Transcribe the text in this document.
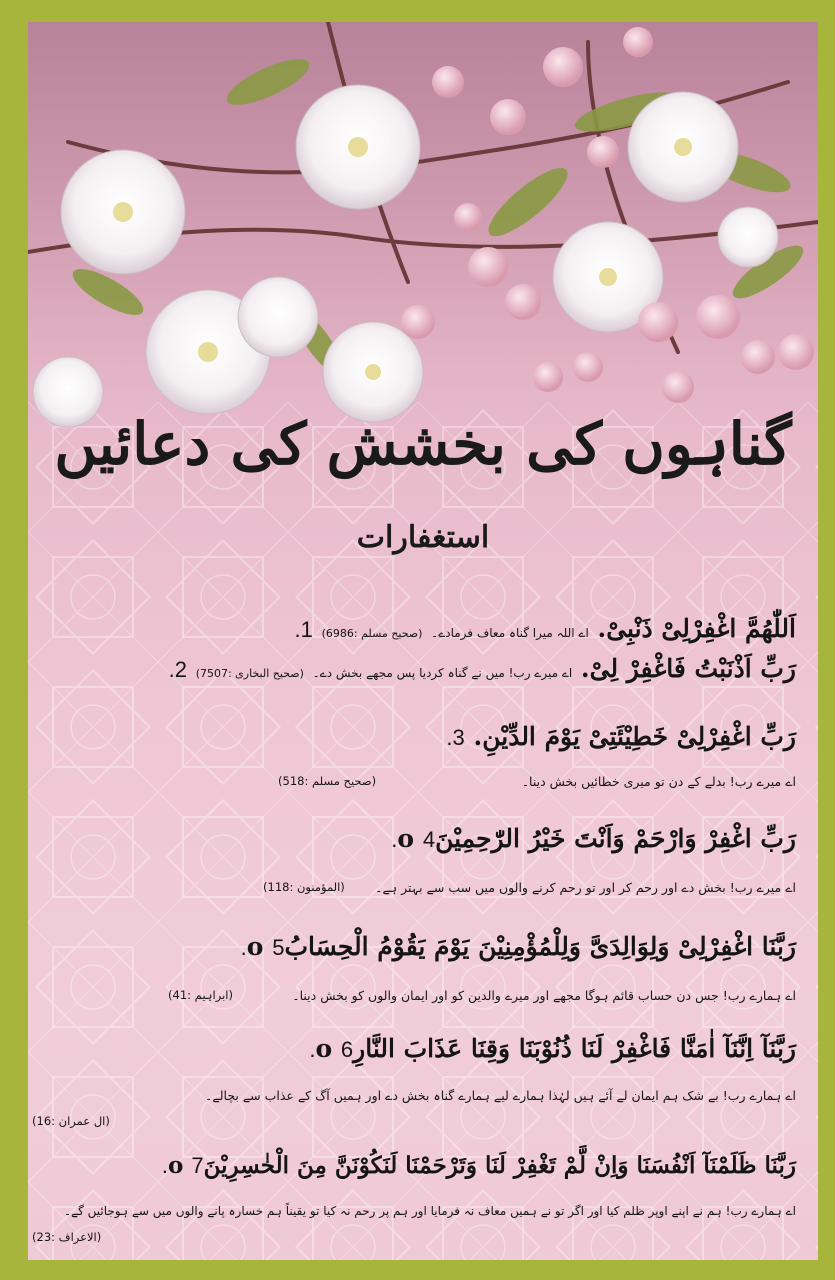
گناہوں کی بخشش کی دعائیں
استغفارات
اَللّٰھُمَّ اغْفِرْلِیْ ذَنْبِیْ. اے اللہ میرا گناہ معاف فرمادے۔ (صحیح مسلم :6986) 1.
رَبِّ اَذْنَبْتُ فَاغْفِرْ لِیْ. اے میرے رب! میں نے گناہ کردیا پس مجھے بخش دے۔ (صحیح البخاری :7507) 2.
رَبِّ اغْفِرْلِیْ خَطِیْئَتِیْ یَوْمَ الدِّیْنِ. 3.
اے میرے رب! بدلے کے دن تو میری خطائیں بخش دینا۔
(صحیح مسلم :518)
رَبِّ اغْفِرْ وَارْحَمْ وَاَنْتَ خَیْرُ الرّٰحِمِیْنَo 4.
اے میرے رب! بخش دے اور رحم کر اور تو رحم کرنے والوں میں سب سے بہتر ہے۔
(المؤمنون :118)
رَبَّنَا اغْفِرْلِیْ وَلِوَالِدَیَّ وَلِلْمُؤْمِنِیْنَ یَوْمَ یَقُوْمُ الْحِسَابُo 5.
اے ہمارے رب! جس دن حساب قائم ہوگا مجھے اور میرے والدین کو اور ایمان والوں کو بخش دینا۔
(ابراہیم :41)
رَبَّنَآ اِنَّنَآ اٰمَنَّا فَاغْفِرْ لَنَا ذُنُوْبَنَا وَقِنَا عَذَابَ النَّارِo 6.
اے ہمارے رب! بے شک ہم ایمان لے آئے ہیں لہٰذا ہمارے لیے ہمارے گناہ بخش دے اور ہمیں آگ کے عذاب سے بچالے۔
(ال عمران :16)
رَبَّنَا ظَلَمْنَآ اَنْفُسَنَا وَاِنْ لَّمْ تَغْفِرْ لَنَا وَتَرْحَمْنَا لَنَكُوْنَنَّ مِنَ الْخٰسِرِیْنَo 7.
اے ہمارے رب! ہم نے اپنے اوپر ظلم کیا اور اگر تو نے ہمیں معاف نہ فرمایا اور ہم پر رحم نہ کیا تو یقیناً ہم خسارہ پانے والوں میں سے ہوجائیں گے۔
(الاعراف :23)
